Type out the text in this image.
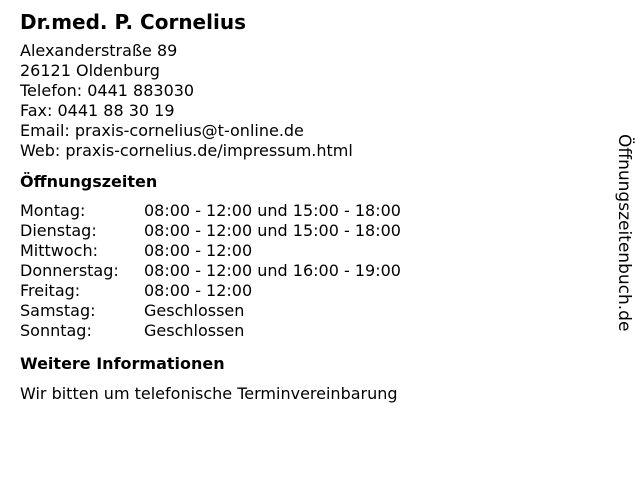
Dr.med. P. Cornelius
Alexanderstraße 89
26121 Oldenburg
Telefon: 0441 883030
Fax: 0441 88 30 19
Email: praxis-cornelius@t-online.de
Web: praxis-cornelius.de/impressum.html
Öffnungszeiten
Montag:	08:00 - 12:00 und 15:00 - 18:00
Dienstag:	08:00 - 12:00 und 15:00 - 18:00
Mittwoch:	08:00 - 12:00
Donnerstag:	08:00 - 12:00 und 16:00 - 19:00
Freitag:	08:00 - 12:00
Samstag:	Geschlossen
Sonntag:	Geschlossen
Weitere Informationen
Wir bitten um telefonische Terminvereinbarung
Öffnungszeitenbuch.de
